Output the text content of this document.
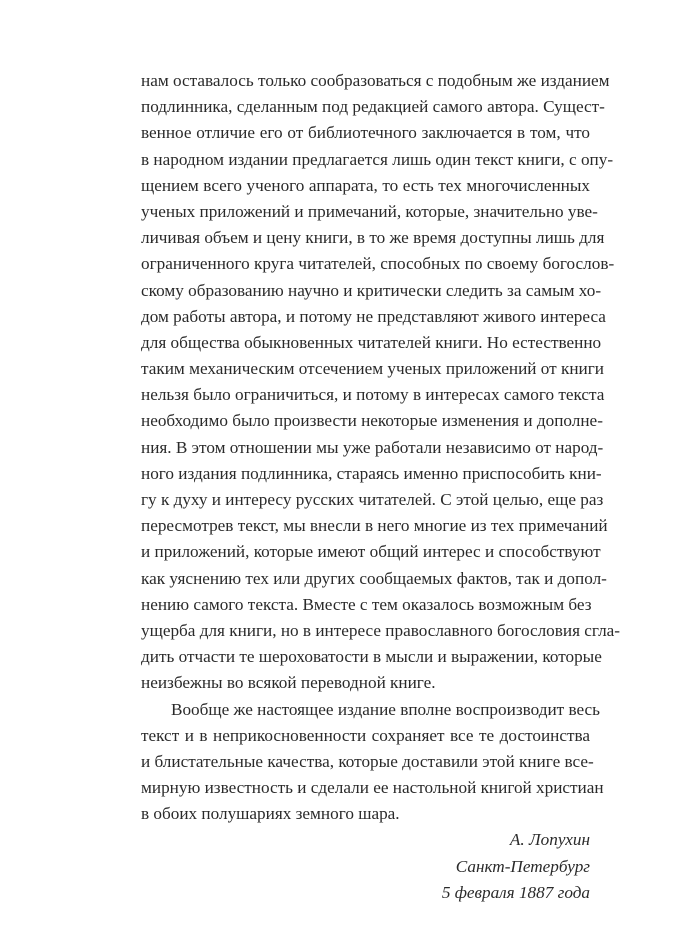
нам оставалось только сообразоваться с подобным же изданием
подлинника, сделанным под редакцией самого автора. Сущест-
венное отличие его от библиотечного заключается в том, что
в народном издании предлагается лишь один текст книги, с опу-
щением всего ученого аппарата, то есть тех многочисленных
ученых приложений и примечаний, которые, значительно уве-
личивая объем и цену книги, в то же время доступны лишь для
ограниченного круга читателей, способных по своему богослов-
скому образованию научно и критически следить за самым хо-
дом работы автора, и потому не представляют живого интереса
для общества обыкновенных читателей книги. Но естественно
таким механическим отсечением ученых приложений от книги
нельзя было ограничиться, и потому в интересах самого текста
необходимо было произвести некоторые изменения и дополне-
ния. В этом отношении мы уже работали независимо от народ-
ного издания подлинника, стараясь именно приспособить кни-
гу к духу и интересу русских читателей. С этой целью, еще раз
пересмотрев текст, мы внесли в него многие из тех примечаний
и приложений, которые имеют общий интерес и способствуют
как уяснению тех или других сообщаемых фактов, так и допол-
нению самого текста. Вместе с тем оказалось возможным без
ущерба для книги, но в интересе православного богословия сгла-
дить отчасти те шероховатости в мысли и выражении, которые
неизбежны во всякой переводной книге.
Вообще же настоящее издание вполне воспроизводит весь
текст и в неприкосновенности сохраняет все те достоинства
и блистательные качества, которые доставили этой книге все-
мирную известность и сделали ее настольной книгой христиан
в обоих полушариях земного шара.
А. Лопухин
Санкт-Петербург
5 февраля 1887 года
